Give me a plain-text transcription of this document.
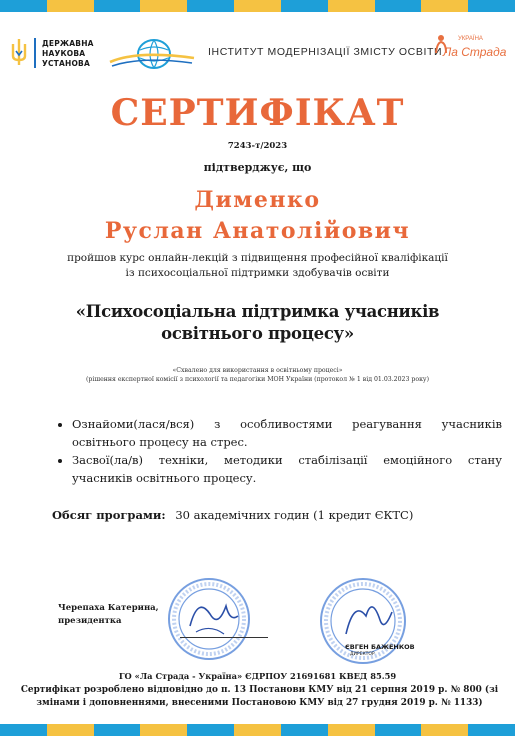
ДЕРЖАВНА
НАУКОВА
УСТАНОВА
ІНСТИТУТ МОДЕРНІЗАЦІЇ ЗМІСТУ ОСВІТИ
УКРАЇНА
Ла Страда
СЕРТИФІКАТ
7243-т/2023
підтверджує, що
Дименко
Руслан Анатолійович
пройшов курс онлайн-лекцій з підвищення професійної кваліфікації
із психосоціальної підтримки здобувачів освіти
«Психосоціальна підтримка учасників
освітнього процесу»
«Схвалено для використання в освітньому процесі»
(рішення експертної комісії з психології та педагогіки МОН України (протокол № 1 від 01.03.2023 року)
• Ознайоми(лася/вся) з особливостями реагування учасників освітнього процесу на стрес.
• Засвої(ла/в) техніки, методики стабілізації емоційного стану учасників освітнього процесу.
Обсяг програми: 30 академічних годин (1 кредит ЄКТС)
Черепаха Катерина,
президентка
ЄВГЕН БАЖЕНКОВ
ДИРЕКТОР
ГО «Ла Страда - Україна» ЄДРПОУ 21691681 КВЕД 85.59
Сертифікат розроблено відповідно до п. 13 Постанови КМУ від 21 серпня 2019 р. № 800 (зі змінами і доповненнями, внесеними Постановою КМУ від 27 грудня 2019 р. № 1133)
